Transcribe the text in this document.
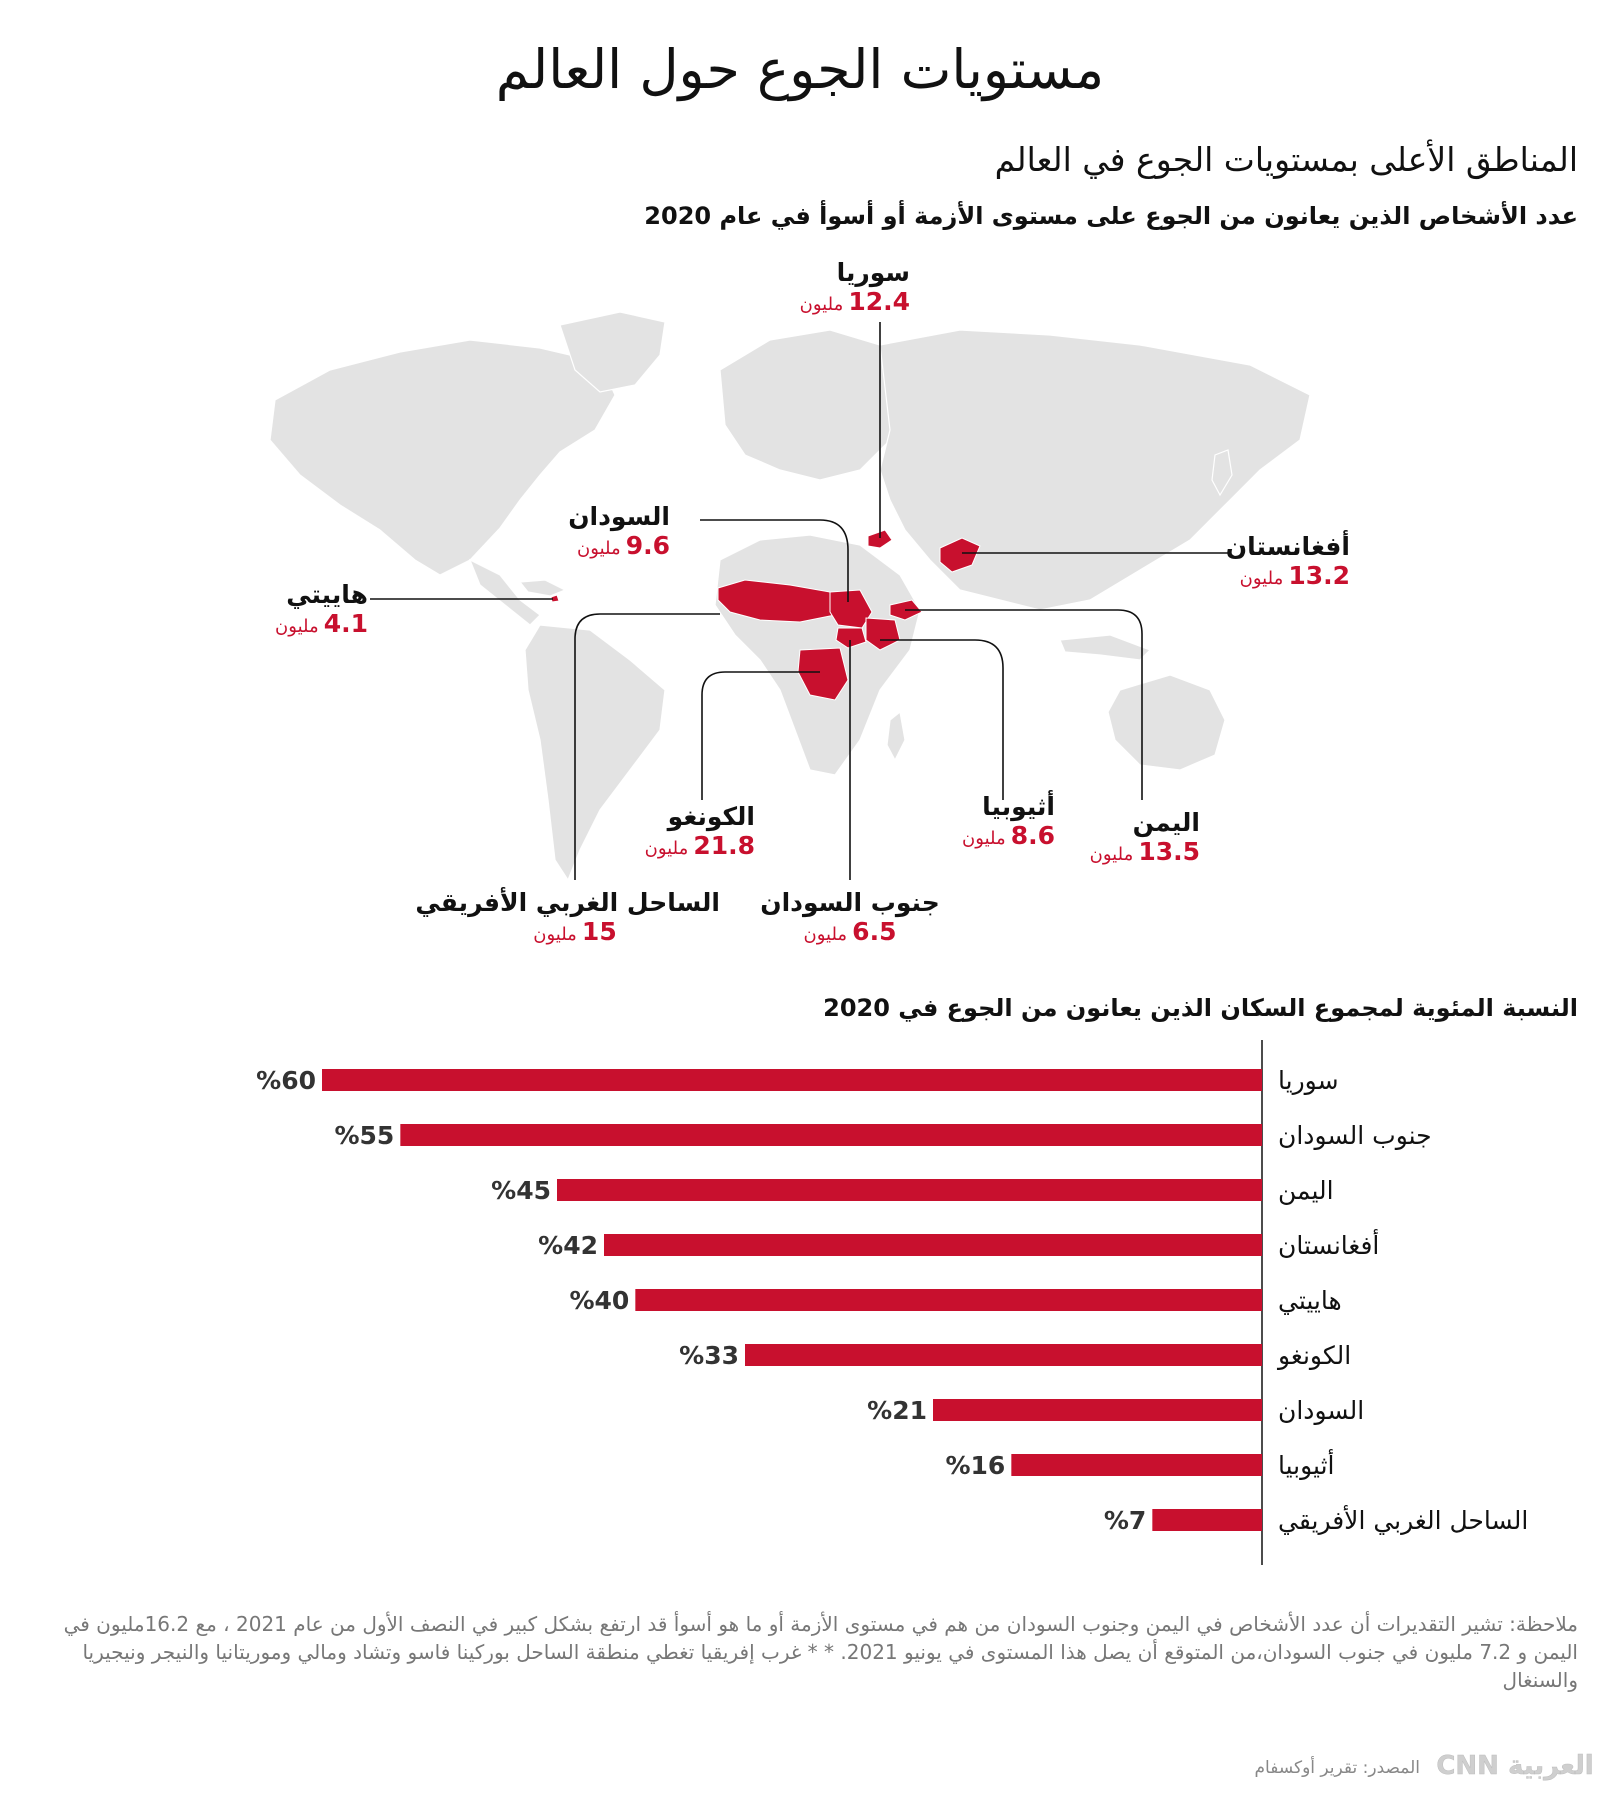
مستويات الجوع حول العالم
المناطق الأعلى بمستويات الجوع في العالم
عدد الأشخاص الذين يعانون من الجوع على مستوى الأزمة أو أسوأ في عام 2020
سوريا
12.4 مليون
السودان
9.6 مليون	أفغانستان
13.2 مليون
هاييتي
4.1 مليون
الكونغو
21.8 مليون
أثيوبيا
8.6 مليون
اليمن
13.5 مليون
الساحل الغربي الأفريقي
15 مليون
جنوب السودان
6.5 مليون
النسبة المئوية لمجموع السكان الذين يعانون من الجوع في 2020
%60	سوريا
%55	جنوب السودان
%45	اليمن
%42	أفغانستان
%40	هاييتي
%33	الكونغو
%21	السودان
%16	أثيوبيا
%7	الساحل الغربي الأفريقي
ملاحظة: تشير التقديرات أن عدد الأشخاص في اليمن وجنوب السودان من هم في مستوى الأزمة أو ما هو أسوأ قد ارتفع بشكل كبير في النصف الأول من عام 2021 ، مع 16.2مليون في اليمن و 7.2 مليون في جنوب السودان،من المتوقع أن يصل هذا المستوى في يونيو 2021. * * غرب إفريقيا تغطي منطقة الساحل بوركينا فاسو وتشاد ومالي وموريتانيا والنيجر ونيجيريا والسنغال
المصدر: تقرير أوكسفام CNN العربية
